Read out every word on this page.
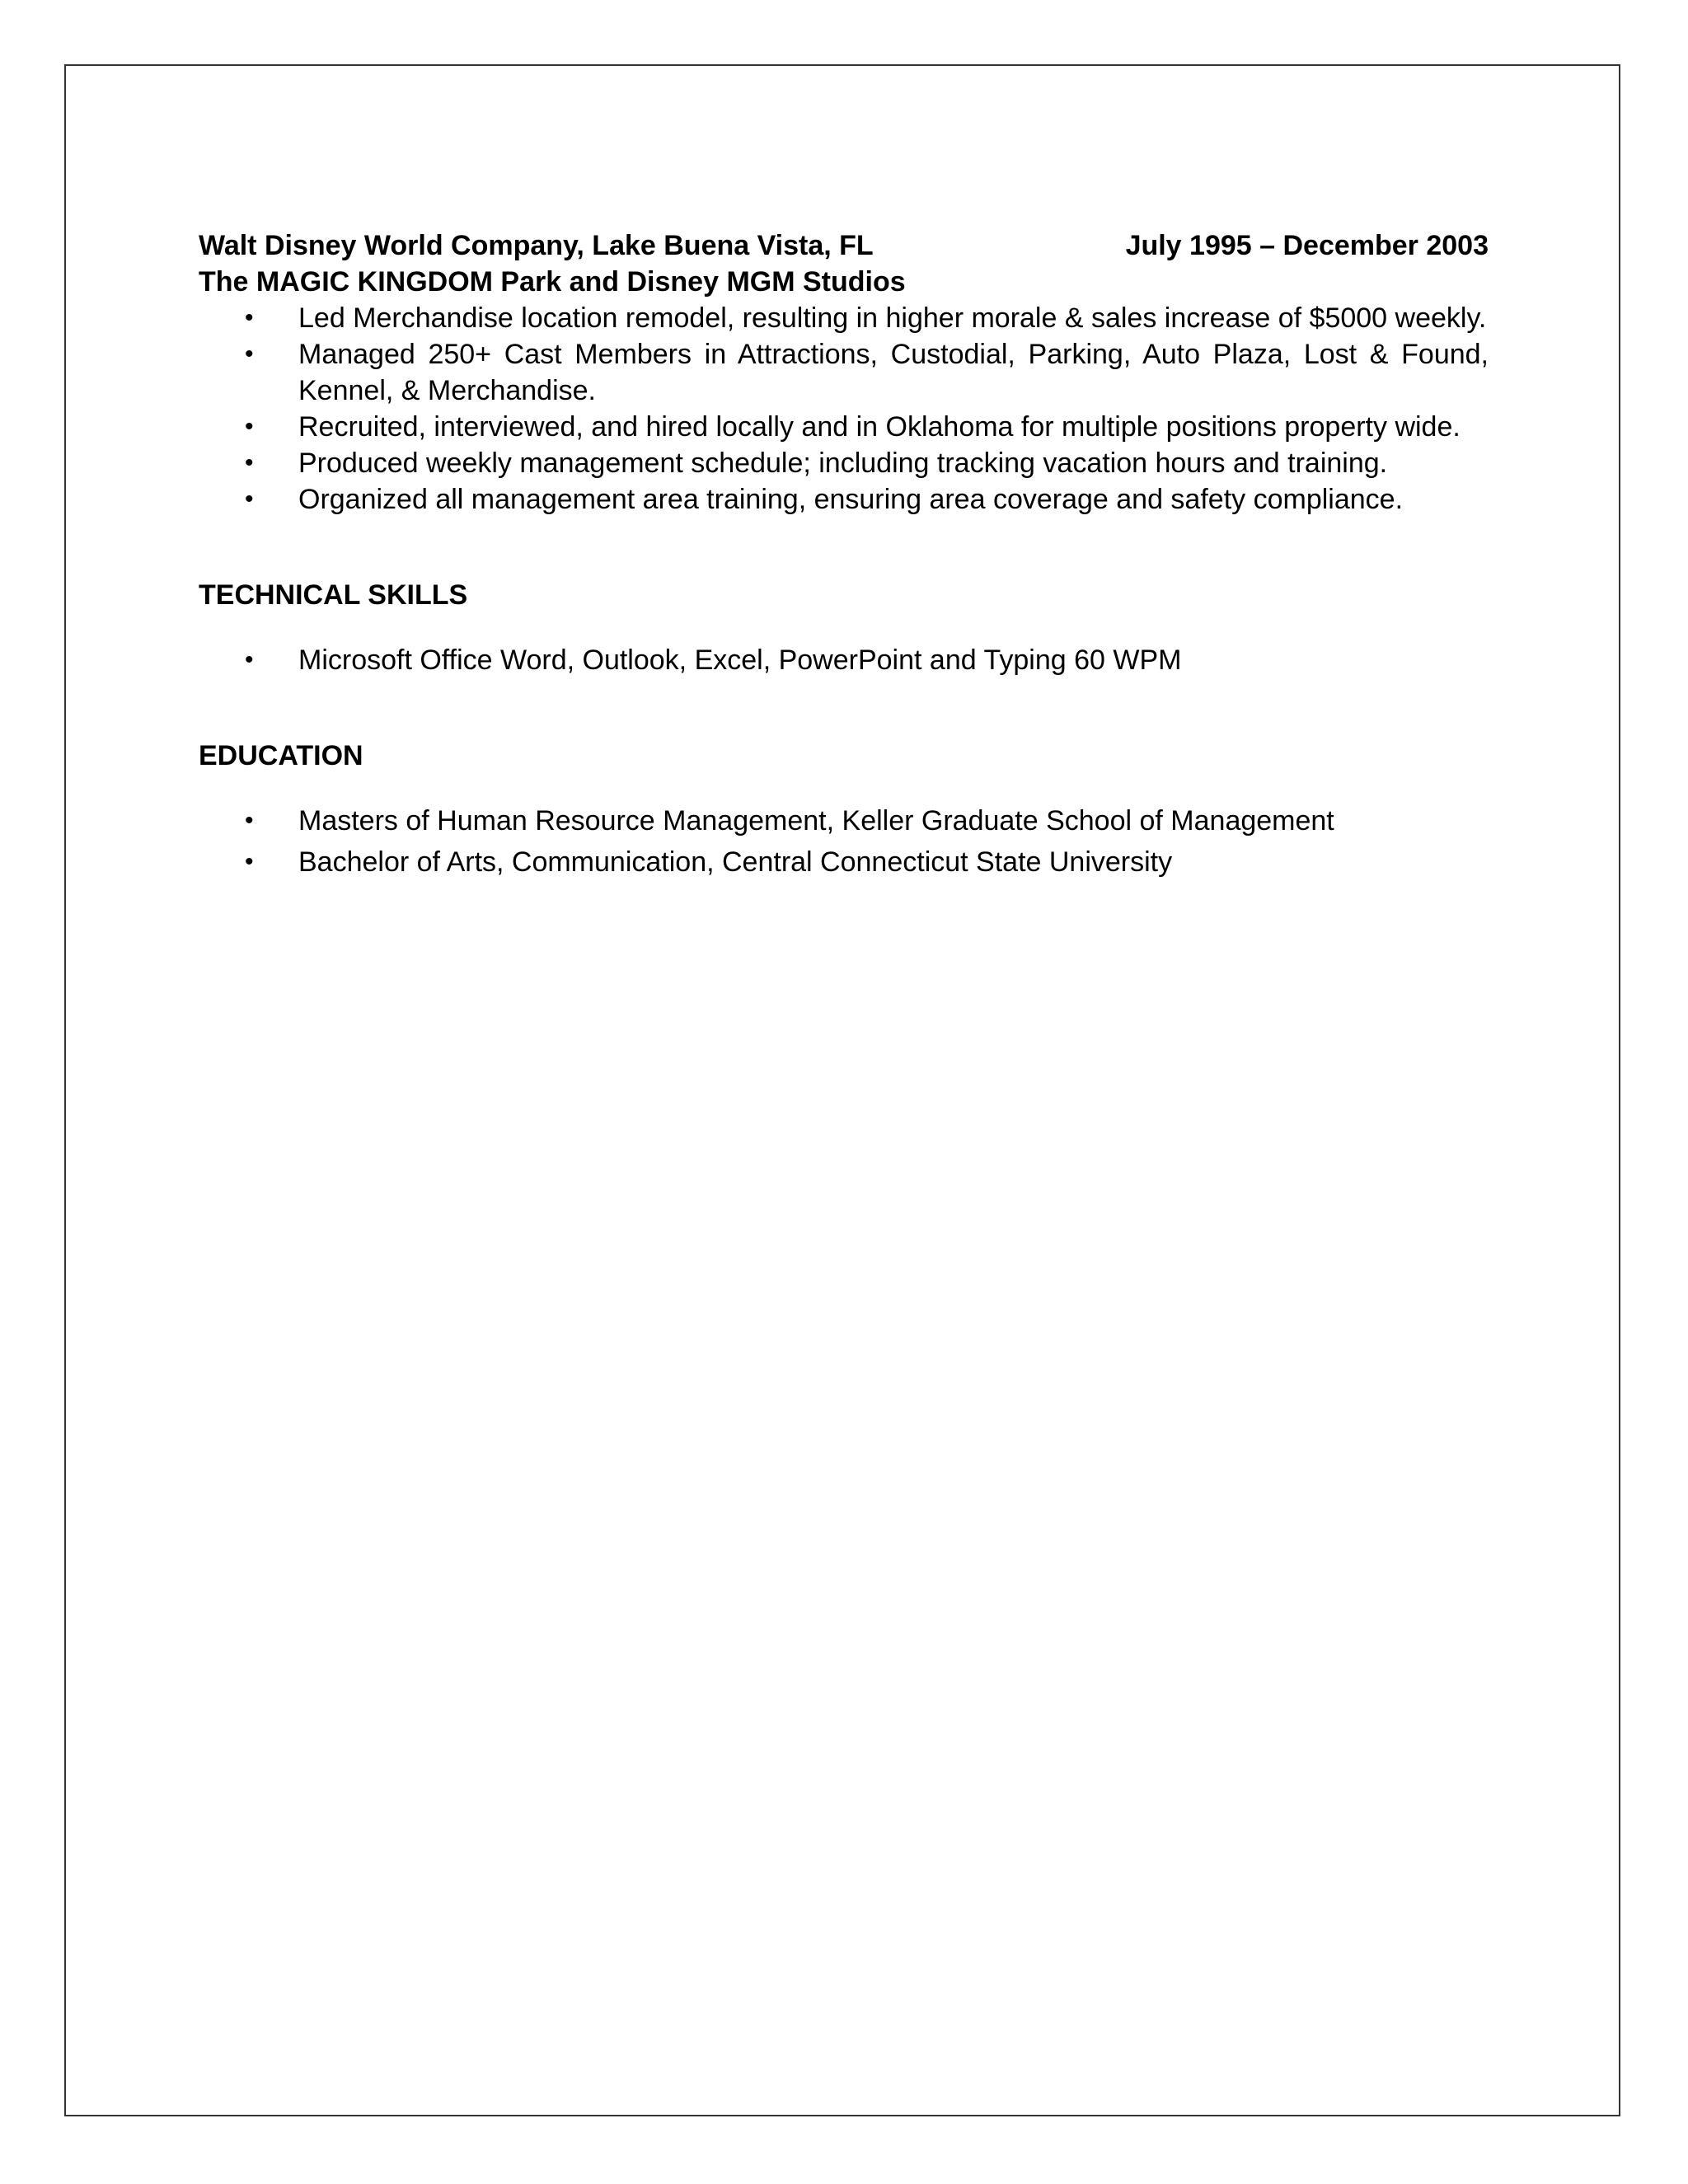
Walt Disney World Company, Lake Buena Vista, FL	July 1995 – December 2003
The MAGIC KINGDOM Park and Disney MGM Studios
• Led Merchandise location remodel, resulting in higher morale & sales increase of $5000 weekly.
• Managed 250+ Cast Members in Attractions, Custodial, Parking, Auto Plaza, Lost & Found, Kennel, & Merchandise.
• Recruited, interviewed, and hired locally and in Oklahoma for multiple positions property wide.
• Produced weekly management schedule; including tracking vacation hours and training.
• Organized all management area training, ensuring area coverage and safety compliance.
TECHNICAL SKILLS
• Microsoft Office Word, Outlook, Excel, PowerPoint and Typing 60 WPM
EDUCATION
• Masters of Human Resource Management, Keller Graduate School of Management
• Bachelor of Arts, Communication, Central Connecticut State University
